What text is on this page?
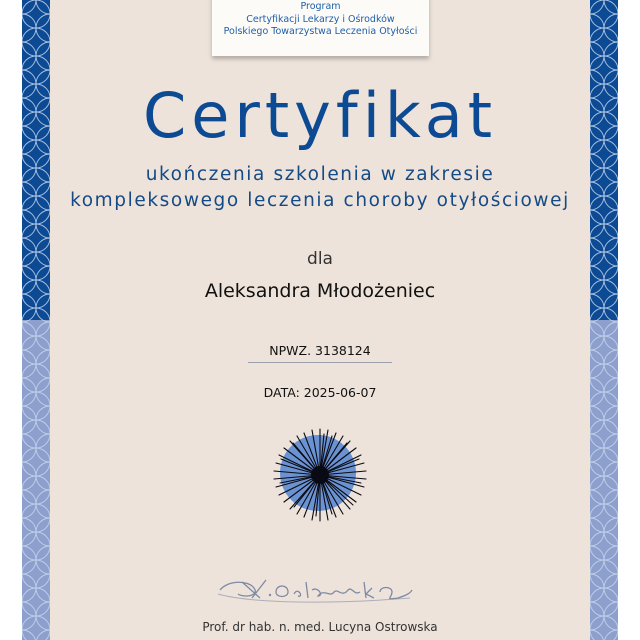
Program
Certyfikacji Lekarzy i Ośrodków
Polskiego Towarzystwa Leczenia Otyłości
Certyfikat
ukończenia szkolenia w zakresie
kompleksowego leczenia choroby otyłościowej
dla
Aleksandra Młodożeniec
NPWZ. 3138124
DATA: 2025-06-07
Prof. dr hab. n. med. Lucyna Ostrowska
